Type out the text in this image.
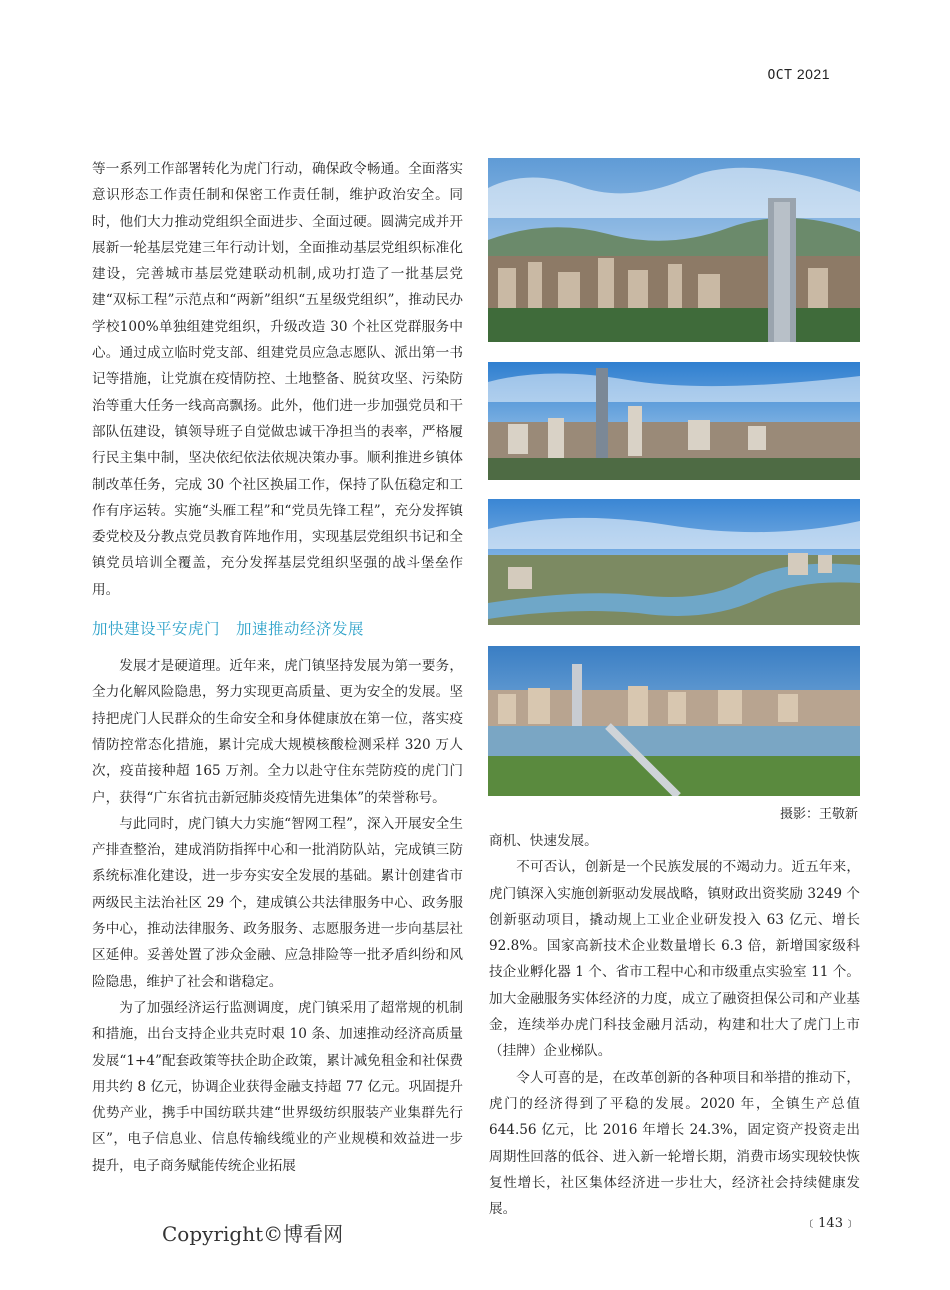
OCT 2021

等一系列工作部署转化为虎门行动，确保政令畅通。全面落实意识形态工作责任制和保密工作责任制，维护政治安全。同时，他们大力推动党组织全面进步、全面过硬。圆满完成并开展新一轮基层党建三年行动计划，全面推动基层党组织标准化建设，完善城市基层党建联动机制,成功打造了一批基层党建“双标工程”示范点和“两新”组织“五星级党组织”，推动民办学校100%单独组建党组织，升级改造 30 个社区党群服务中心。通过成立临时党支部、组建党员应急志愿队、派出第一书记等措施，让党旗在疫情防控、土地整备、脱贫攻坚、污染防治等重大任务一线高高飘扬。此外，他们进一步加强党员和干部队伍建设，镇领导班子自觉做忠诚干净担当的表率，严格履行民主集中制，坚决依纪依法依规决策办事。顺利推进乡镇体制改革任务，完成 30 个社区换届工作，保持了队伍稳定和工作有序运转。实施“头雁工程”和“党员先锋工程”，充分发挥镇委党校及分教点党员教育阵地作用，实现基层党组织书记和全镇党员培训全覆盖，充分发挥基层党组织坚强的战斗堡垒作用。

加快建设平安虎门　加速推动经济发展

发展才是硬道理。近年来，虎门镇坚持发展为第一要务，全力化解风险隐患，努力实现更高质量、更为安全的发展。坚持把虎门人民群众的生命安全和身体健康放在第一位，落实疫情防控常态化措施，累计完成大规模核酸检测采样 320 万人次，疫苗接种超 165 万剂。全力以赴守住东莞防疫的虎门门户，获得“广东省抗击新冠肺炎疫情先进集体”的荣誉称号。

与此同时，虎门镇大力实施“智网工程”，深入开展安全生产排查整治，建成消防指挥中心和一批消防队站，完成镇三防系统标准化建设，进一步夯实安全发展的基础。累计创建省市两级民主法治社区 29 个，建成镇公共法律服务中心、政务服务中心，推动法律服务、政务服务、志愿服务进一步向基层社区延伸。妥善处置了涉众金融、应急排险等一批矛盾纠纷和风险隐患，维护了社会和谐稳定。

为了加强经济运行监测调度，虎门镇采用了超常规的机制和措施，出台支持企业共克时艰 10 条、加速推动经济高质量发展“1+4”配套政策等扶企助企政策，累计减免租金和社保费用共约 8 亿元，协调企业获得金融支持超 77 亿元。巩固提升优势产业，携手中国纺联共建“世界级纺织服装产业集群先行区”，电子信息业、信息传输线缆业的产业规模和效益进一步提升，电子商务赋能传统企业拓展

摄影：王敬新

商机、快速发展。

不可否认，创新是一个民族发展的不竭动力。近五年来，虎门镇深入实施创新驱动发展战略，镇财政出资奖励 3249 个创新驱动项目，撬动规上工业企业研发投入 63 亿元、增长 92.8%。国家高新技术企业数量增长 6.3 倍，新增国家级科技企业孵化器 1 个、省市工程中心和市级重点实验室 11 个。加大金融服务实体经济的力度，成立了融资担保公司和产业基金，连续举办虎门科技金融月活动，构建和壮大了虎门上市（挂牌）企业梯队。

令人可喜的是，在改革创新的各种项目和举措的推动下，虎门的经济得到了平稳的发展。2020 年，全镇生产总值 644.56 亿元，比 2016 年增长 24.3%，固定资产投资走出周期性回落的低谷、进入新一轮增长期，消费市场实现较快恢复性增长，社区集体经济进一步壮大，经济社会持续健康发展。

Copyright©博看网	﹝143﹞
